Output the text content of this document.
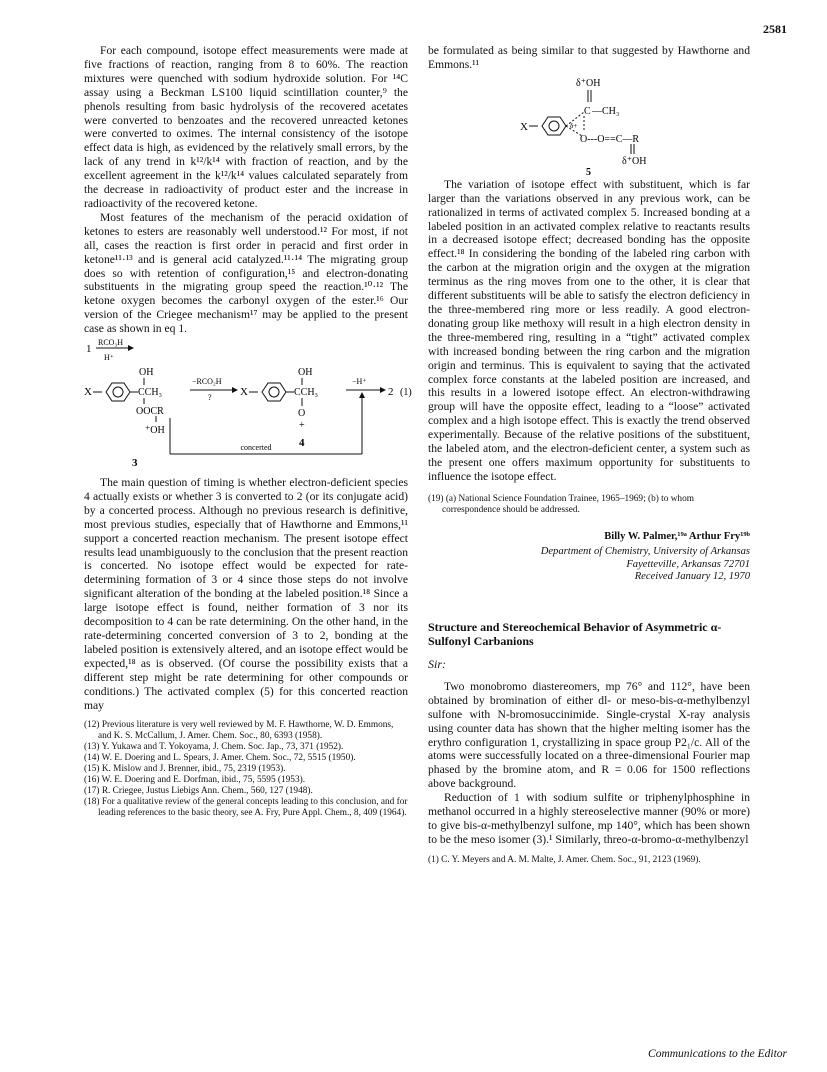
2581

For each compound, isotope effect measurements were made at five fractions of reaction, ranging from 8 to 60%. The reaction mixtures were quenched with sodium hydroxide solution. For ¹⁴C assay using a Beckman LS100 liquid scintillation counter,⁹ the phenols resulting from basic hydrolysis of the recovered acetates were converted to benzoates and the recovered unreacted ketones were converted to oximes. The internal consistency of the isotope effect data is high, as evidenced by the relatively small errors, by the lack of any trend in k¹²/k¹⁴ with fraction of reaction, and by the excellent agreement in the k¹²/k¹⁴ values calculated separately from the decrease in radioactivity of product ester and the increase in radioactivity of the recovered ketone.

Most features of the mechanism of the peracid oxidation of ketones to esters are reasonably well understood.¹² For most, if not all, cases the reaction is first order in peracid and first order in ketone¹¹·¹³ and is general acid catalyzed.¹¹·¹⁴ The migrating group does so with retention of configuration,¹⁵ and electron-donating substituents in the migrating group speed the reaction.¹⁰·¹² The ketone oxygen becomes the carbonyl oxygen of the ester.¹⁶ Our version of the Criegee mechanism¹⁷ may be applied to the present case as shown in eq 1.

1
RCO₃H
H⁺
X	CCH₃
OH
OOCR
⁺OH
3
−RCO₂H
?	X	CCH₃
OH
O
+
4
−H⁺
2 (1)
concerted

The main question of timing is whether electron-deficient species 4 actually exists or whether 3 is converted to 2 (or its conjugate acid) by a concerted process. Although no previous research is definitive, most previous studies, especially that of Hawthorne and Emmons,¹¹ support a concerted reaction mechanism. The present isotope effect results lead unambiguously to the conclusion that the present reaction is concerted. No isotope effect would be expected for rate-determining formation of 3 or 4 since those steps do not involve significant alteration of the bonding at the labeled position.¹⁸ Since a large isotope effect is found, neither formation of 3 nor its decomposition to 4 can be rate determining. On the other hand, in the rate-determining concerted conversion of 3 to 2, bonding at the labeled position is extensively altered, and an isotope effect would be expected,¹⁸ as is observed. (Of course the possibility exists that a different step might be rate determining for other compounds or conditions.) The activated complex (5) for this concerted reaction may

(12) Previous literature is very well reviewed by M. F. Hawthorne, W. D. Emmons, and K. S. McCallum, J. Amer. Chem. Soc., 80, 6393 (1958).
(13) Y. Yukawa and T. Yokoyama, J. Chem. Soc. Jap., 73, 371 (1952).
(14) W. E. Doering and L. Spears, J. Amer. Chem. Soc., 72, 5515 (1950).
(15) K. Mislow and J. Brenner, ibid., 75, 2319 (1953).
(16) W. E. Doering and E. Dorfman, ibid., 75, 5595 (1953).
(17) R. Criegee, Justus Liebigs Ann. Chem., 560, 127 (1948).
(18) For a qualitative review of the general concepts leading to this conclusion, and for leading references to the basic theory, see A. Fry, Pure Appl. Chem., 8, 409 (1964).

be formulated as being similar to that suggested by Hawthorne and Emmons.¹¹

δ⁺OH
C —CH₃
X	δ+
O---O==C—R
δ⁺OH
5

The variation of isotope effect with substituent, which is far larger than the variations observed in any previous work, can be rationalized in terms of activated complex 5. Increased bonding at a labeled position in an activated complex relative to reactants results in a decreased isotope effect; decreased bonding has the opposite effect.¹⁸ In considering the bonding of the labeled ring carbon with the carbon at the migration origin and the oxygen at the migration terminus as the ring moves from one to the other, it is clear that different substituents will be able to satisfy the electron deficiency in the three-membered ring more or less readily. A good electron-donating group like methoxy will result in a high electron density in the three-membered ring, resulting in a “tight” activated complex with increased bonding between the ring carbon and the migration origin and terminus. This is equivalent to saying that the activated complex force constants at the labeled position are increased, and this results in a lowered isotope effect. An electron-withdrawing group will have the opposite effect, leading to a “loose” activated complex and a high isotope effect. This is exactly the trend observed experimentally. Because of the relative positions of the substituent, the labeled atom, and the electron-deficient center, a system such as the present one offers maximum opportunity for substituents to influence the isotope effect.

(19) (a) National Science Foundation Trainee, 1965–1969; (b) to whom correspondence should be addressed.
Billy W. Palmer,¹⁹ᵃ Arthur Fry¹⁹ᵇ
Department of Chemistry, University of Arkansas
Fayetteville, Arkansas 72701
Received January 12, 1970
Structure and Stereochemical Behavior of Asymmetric α-Sulfonyl Carbanions
Sir:

Two monobromo diastereomers, mp 76° and 112°, have been obtained by bromination of either dl- or meso-bis-α-methylbenzyl sulfone with N-bromosuccinimide. Single-crystal X-ray analysis using counter data has shown that the higher melting isomer has the erythro configuration 1, crystallizing in space group P2₁/c. All of the atoms were successfully located on a three-dimensional Fourier map phased by the bromine atom, and R = 0.06 for 1500 reflections above background.

Reduction of 1 with sodium sulfite or triphenylphosphine in methanol occurred in a highly stereoselective manner (90% or more) to give bis-α-methylbenzyl sulfone, mp 140°, which has been shown to be the meso isomer (3).¹ Similarly, threo-α-bromo-α-methylbenzyl

(1) C. Y. Meyers and A. M. Malte, J. Amer. Chem. Soc., 91, 2123 (1969).
Communications to the Editor
